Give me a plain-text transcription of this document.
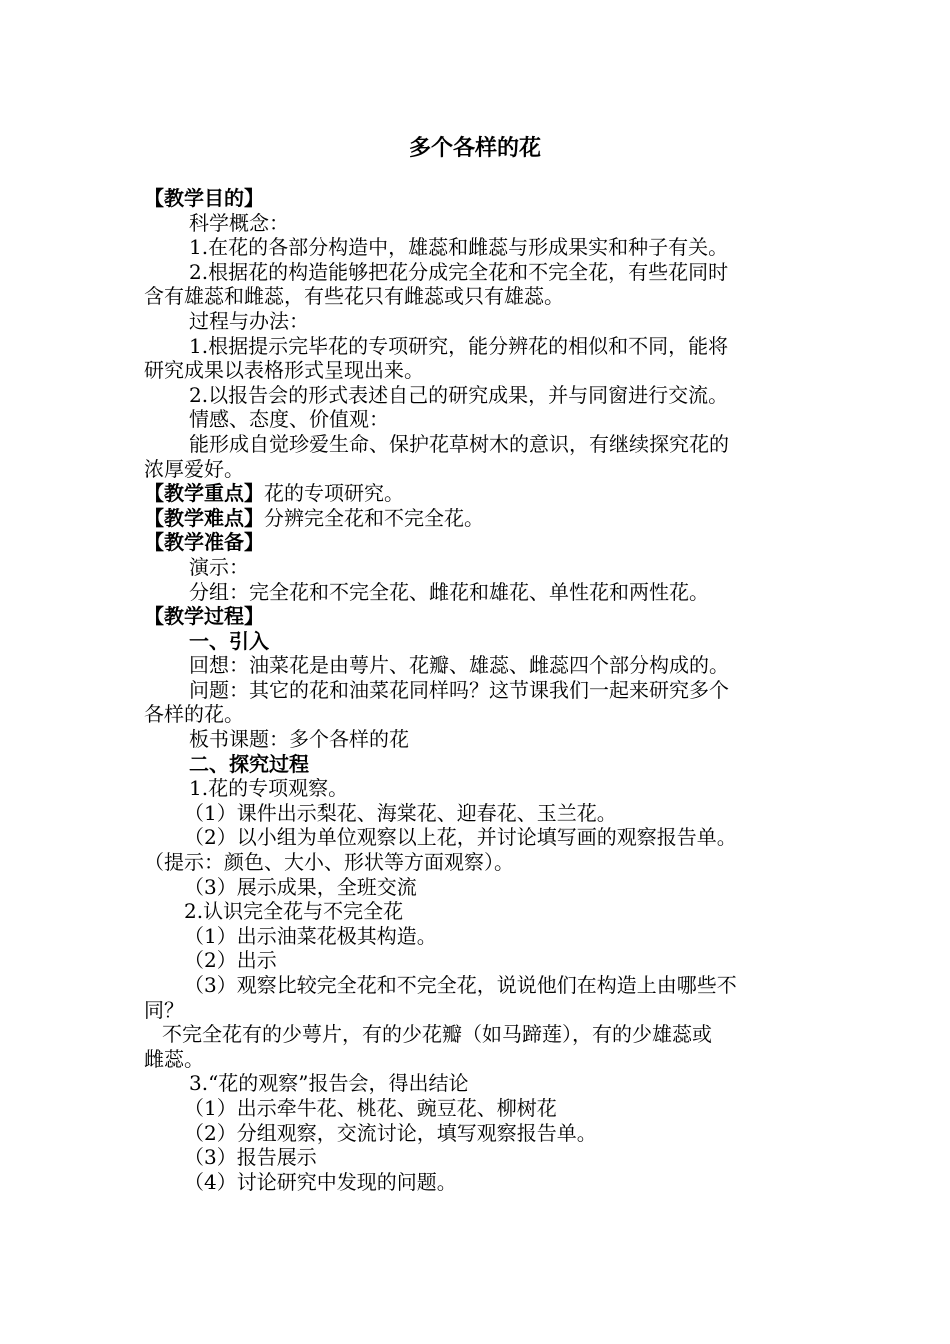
多个各样的花
【教学目的】
科学概念：
1.在花的各部分构造中，雄蕊和雌蕊与形成果实和种子有关。
2.根据花的构造能够把花分成完全花和不完全花，有些花同时
含有雄蕊和雌蕊，有些花只有雌蕊或只有雄蕊。
过程与办法：
1.根据提示完毕花的专项研究，能分辨花的相似和不同，能将
研究成果以表格形式呈现出来。
2.以报告会的形式表述自己的研究成果，并与同窗进行交流。
情感、态度、价值观：
能形成自觉珍爱生命、保护花草树木的意识，有继续探究花的
浓厚爱好。
【教学重点】花的专项研究。
【教学难点】分辨完全花和不完全花。
【教学准备】
演示：
分组：完全花和不完全花、雌花和雄花、单性花和两性花。
【教学过程】
一、引入
回想：油菜花是由萼片、花瓣、雄蕊、雌蕊四个部分构成的。
问题：其它的花和油菜花同样吗？这节课我们一起来研究多个
各样的花。
板书课题：多个各样的花
二、探究过程
1.花的专项观察。
（1）课件出示梨花、海棠花、迎春花、玉兰花。
（2）以小组为单位观察以上花，并讨论填写画的观察报告单。
（提示：颜色、大小、形状等方面观察）。
（3）展示成果，全班交流
2.认识完全花与不完全花
（1）出示油菜花极其构造。
（2）出示
（3）观察比较完全花和不完全花，说说他们在构造上由哪些不
同？
不完全花有的少萼片，有的少花瓣（如马蹄莲），有的少雄蕊或
雌蕊。
3.“花的观察”报告会，得出结论
（1）出示牵牛花、桃花、豌豆花、柳树花
（2）分组观察，交流讨论，填写观察报告单。
（3）报告展示
（4）讨论研究中发现的问题。
